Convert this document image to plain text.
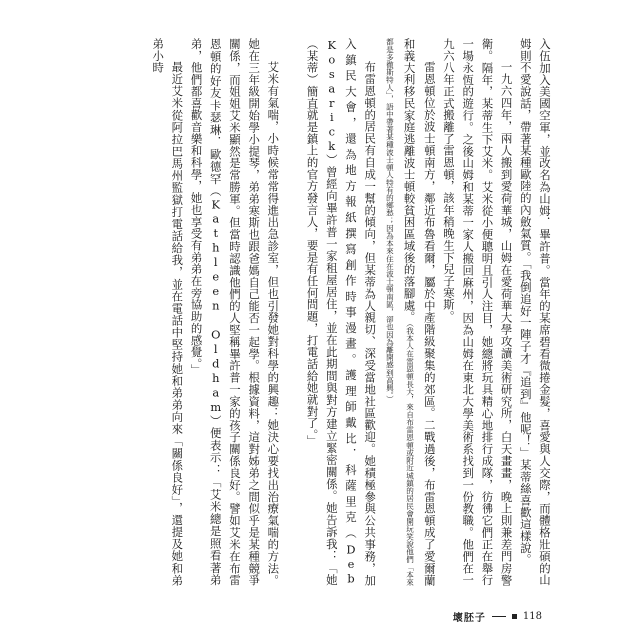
入伍加入美國空軍，並改名為山姆．畢許普。當年的某席碧看微捲金髮，喜愛與人交際，而體格壯碩的山姆則不愛說話，帶著某種歐陸的內斂氣質。「我倒追好一陣子才『追到』他呢！」某蒂絲喜歡這樣說。

一九六四年，兩人搬到愛荷華城，山姆在愛荷華大學攻讀美術研究所，白天畫畫，晚上則兼差門房警衛。隔年，某蒂生下艾米。艾米從小便聰明且引人注目，她總將玩具精心地排行成隊，彷彿它們正在舉行一場永恆的遊行。之後山姆和某蒂一家人搬回麻州，因為山姆在東北大學美術系找到一份教職。他們在一九六八年正式搬離了雷恩頓，該年稍晚生下兒子寒斯。

雷恩頓位於波士頓南方，鄰近布魯看爾，屬於中產階級聚集的郊區。二戰過後，布雷恩頓成了愛爾蘭和義大利移民家庭逃離波士頓較貧困區域後的落腳處。（我本人在雷恩頓長大，來自布雷恩頓或附近城鎮的居民會開玩笑說他們「本來都是多徹斯特人」，語中帶著某種波士頓人特有的鄉愁；因為本來住在波士頓南區，卻也因為離開感到高興。）

布雷恩頓的居民有自成一幫的傾向，但某蒂為人親切、深受當地社區歡迎。她積極參與公共事務，加入鎮民大會，還為地方報紙撰寫創作時事漫畫。護理師戴比．科薩里克（Deb Kosarick）曾經向畢許普一家租屋居住，並在此期間與對方建立緊密關係。她告訴我：「她（某蒂）簡直就是鎮上的官方發言人，要是有任何問題，打電話給她就對了。」

艾米有氣喘，小時候常常得進出急診室，但也引發她對科學的興趣：她決心要找出治療氣喘的方法。她在三年級開始學小提琴，弟弟寒斯也跟爸媽自己能否一起學。根據資料，這對姊弟之間似乎是某種競爭關係，而姐姐艾米顯然是常勝軍。但當時認識他們的人堅稱畢許普一家的孩子關係良好。譬如艾米在布雷恩頓的好友卡瑟琳．歐德罕（Kathleen Oldham）便表示：「艾米總是照看著弟弟，他們都喜歡音樂和科學，她也享受有弟弟在旁協助的感覺。」

最近艾米從阿拉巴馬州監獄打電話給我，並在電話中堅持她和弟弟向來「關係良好」，還提及她和弟弟小時

壞胚子	118
